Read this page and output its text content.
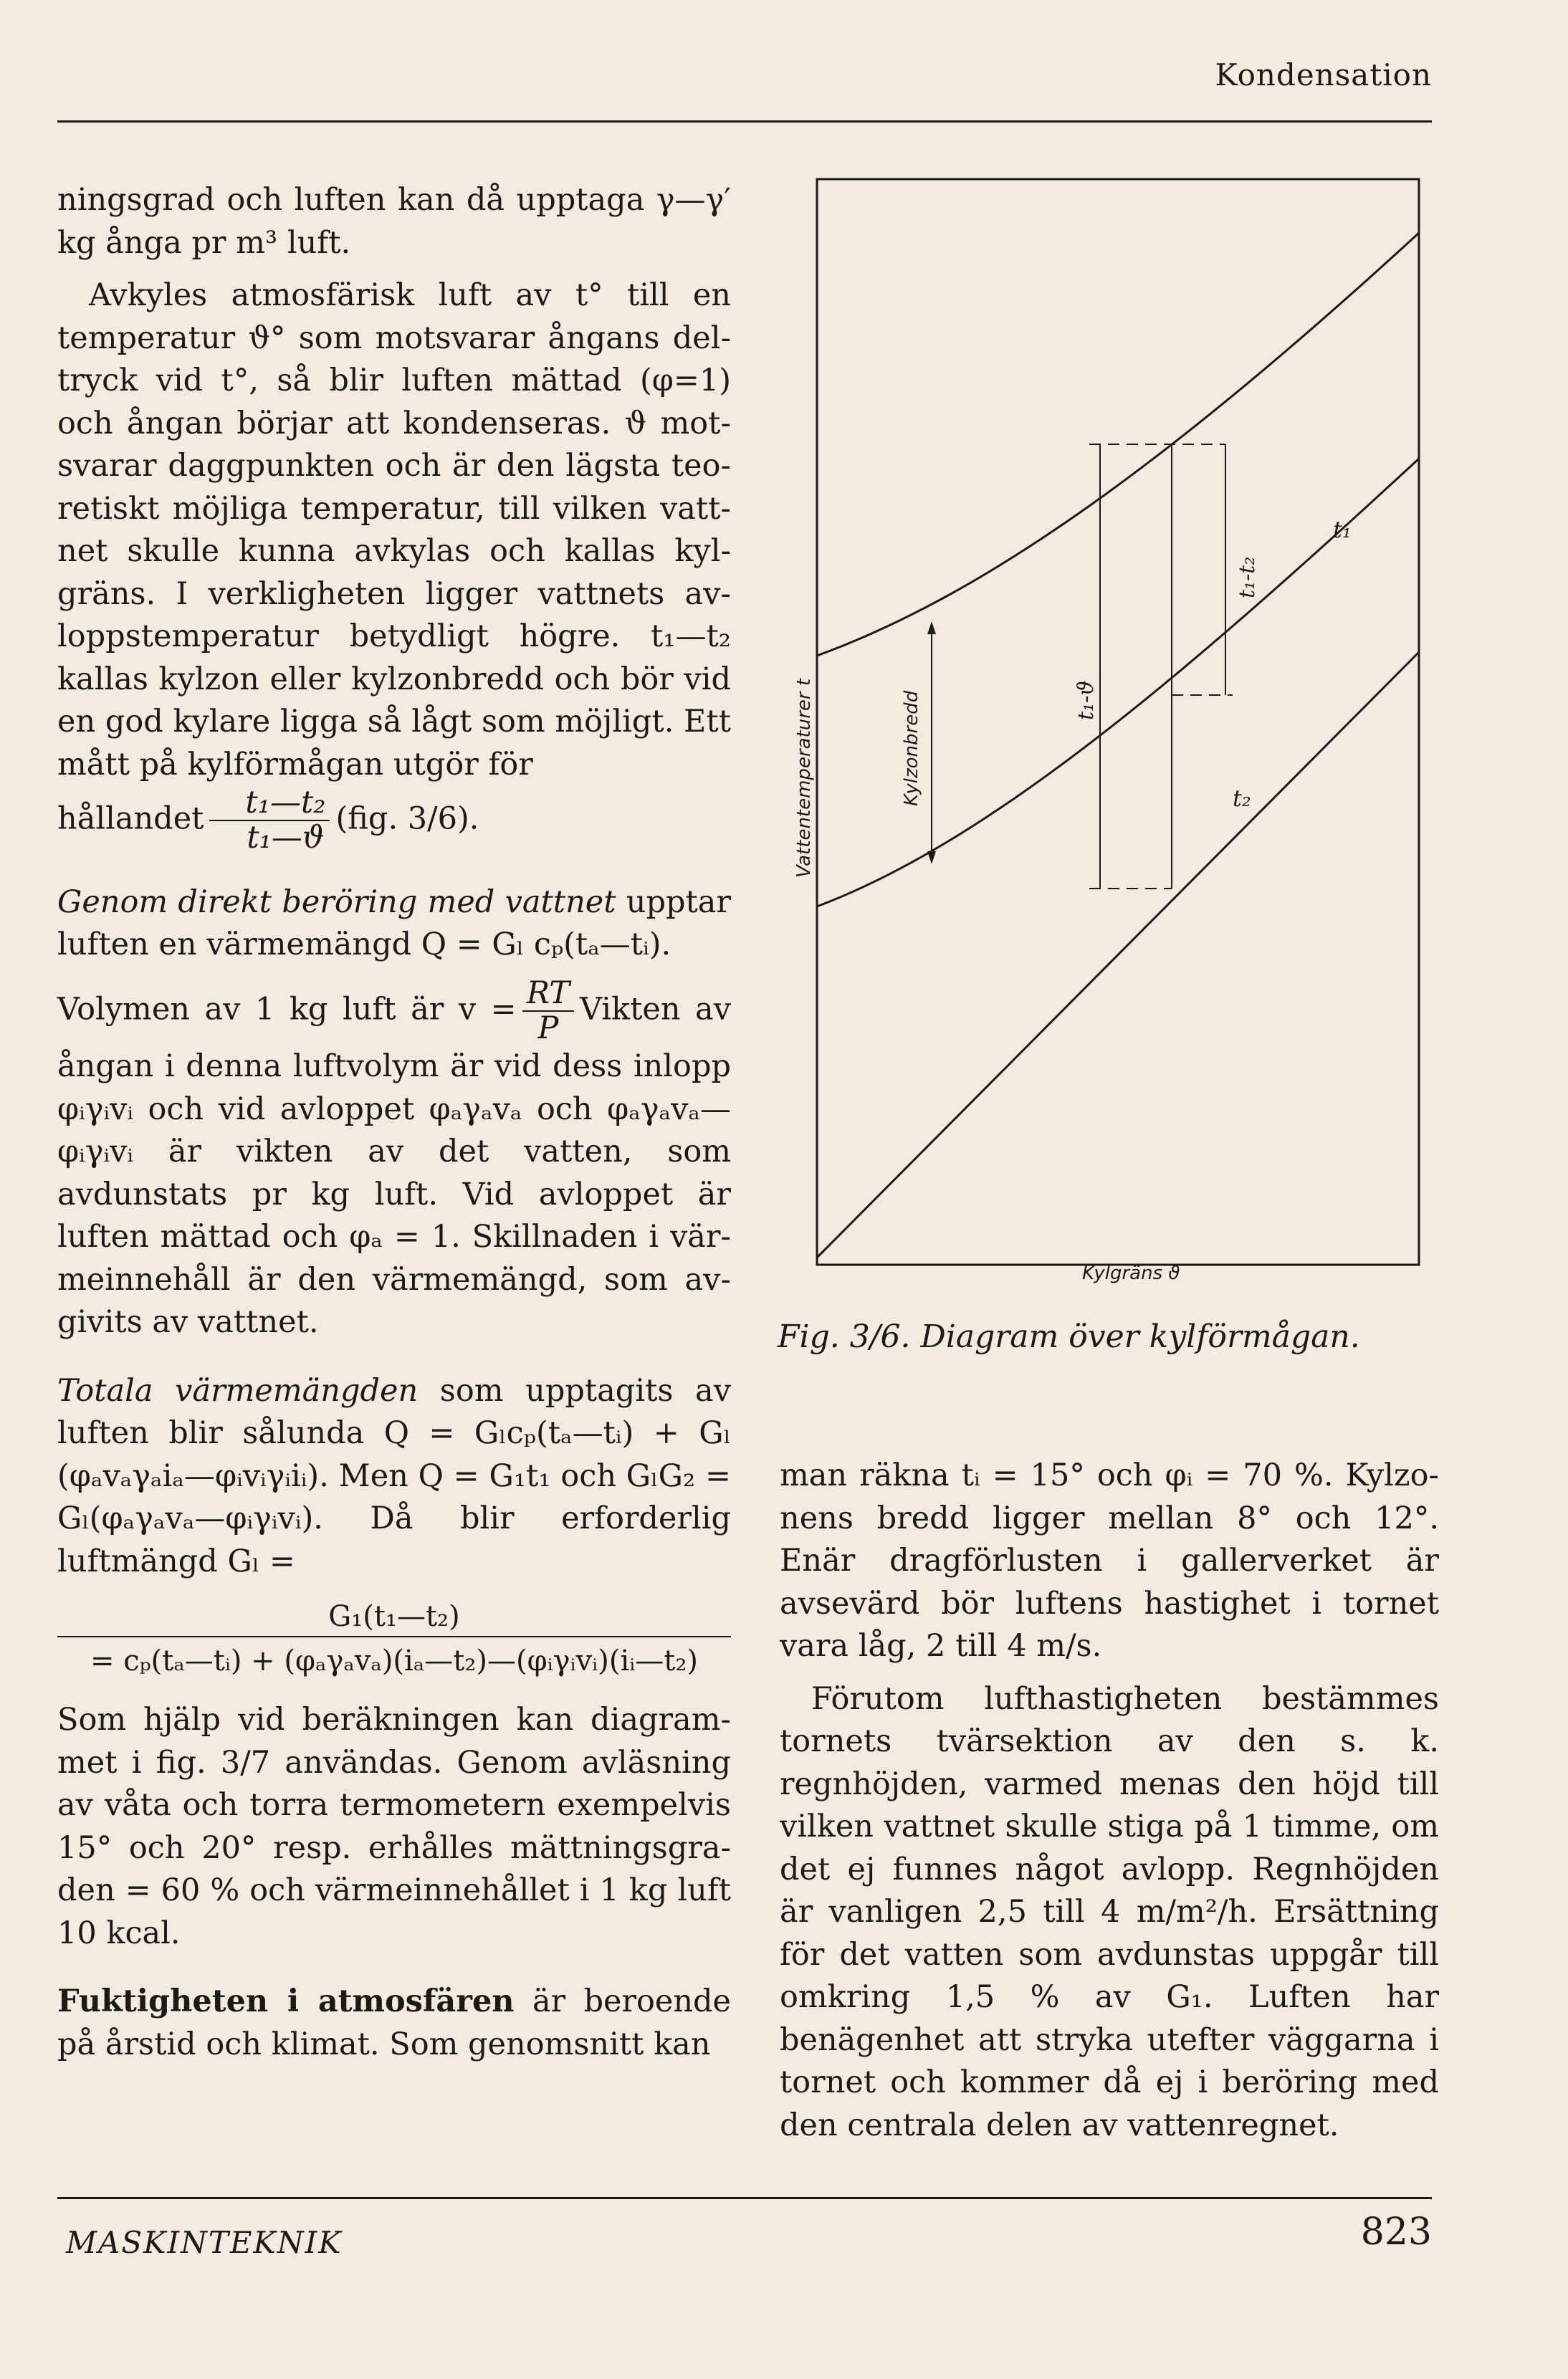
Kondensation

ningsgrad och luften kan då upptaga γ—γ′ kg ånga pr m³ luft.

Avkyles atmosfärisk luft av t° till en temperatur ϑ° som motsvarar ångans deltryck vid t°, så blir luften mättad (φ=1) och ångan börjar att kondenseras. ϑ motsvarar daggpunkten och är den lägsta teoretiskt möjliga temperatur, till vilken vattnet skulle kunna avkylas och kallas kylgräns. I verkligheten ligger vattnets avloppstemperatur betydligt högre. t₁—t₂ kallas kylzon eller kylzonbredd och bör vid en god kylare ligga så lågt som möjligt. Ett mått på kylförmågan utgör för
hållandet $\frac{\text{t₁—t₂}}{\text{t₁—ϑ}} (fig$. 3/6).

Genom direkt beröring med vattnet upptar luften en värmemängd Q = Gₗ cₚ(tₐ—tᵢ).

Volymen av 1 kg luft är $v = \frac{RT}{P}$ Vikten av ångan i denna luftvolym är vid dess inlopp φᵢγᵢvᵢ och vid avloppet φₐγₐvₐ och φₐγₐvₐ—φᵢγᵢvᵢ är vikten av det vatten, som avdunstats pr kg luft. Vid avloppet är luften mättad och φₐ = 1. Skillnaden i värmeinnehåll är den värmemängd, som avgivits av vattnet.

Totala värmemängden som upptagits av luften blir sålunda Q = Gₗcₚ(tₐ—tᵢ) + Gₗ (φₐvₐγₐiₐ—φᵢvᵢγᵢiᵢ). Men Q = G₁t₁ och GₗG₂ = Gₗ(φₐγₐvₐ—φᵢγᵢvᵢ). Då blir erforderlig luftmängd Gₗ =

G₁(t₁—t₂)
= cₚ(tₐ—tᵢ) + (φₐγₐvₐ)(iₐ—t₂)—(φᵢγᵢvᵢ)(iᵢ—t₂)

Som hjälp vid beräkningen kan diagrammet i fig. 3/7 användas. Genom avläsning av våta och torra termometern exempelvis 15° och 20° resp. erhålles mättningsgraden = 60 % och värmeinnehållet i 1 kg luft 10 kcal.

Fuktigheten i atmosfären är beroende på årstid och klimat. Som genomsnitt kan

Vattentemperaturer t	Kylzonbredd	t₁-ϑ
t₁-t₂
t₁
t₂
Kylgräns ϑ
Fig. 3/6. Diagram över kylförmågan.

man räkna tᵢ = 15° och φᵢ = 70 %. Kylzonens bredd ligger mellan 8° och 12°. Enär dragförlusten i gallerverket är avsevärd bör luftens hastighet i tornet vara låg, 2 till 4 m/s.

Förutom lufthastigheten bestämmes tornets tvärsektion av den s. k. regnhöjden, varmed menas den höjd till vilken vattnet skulle stiga på 1 timme, om det ej funnes något avlopp. Regnhöjden är vanligen 2,5 till 4 m/m²/h. Ersättning för det vatten som avdunstas uppgår till omkring 1,5 % av G₁. Luften har benägenhet att stryka utefter väggarna i tornet och kommer då ej i beröring med den centrala delen av vattenregnet.

MASKINTEKNIK	823
